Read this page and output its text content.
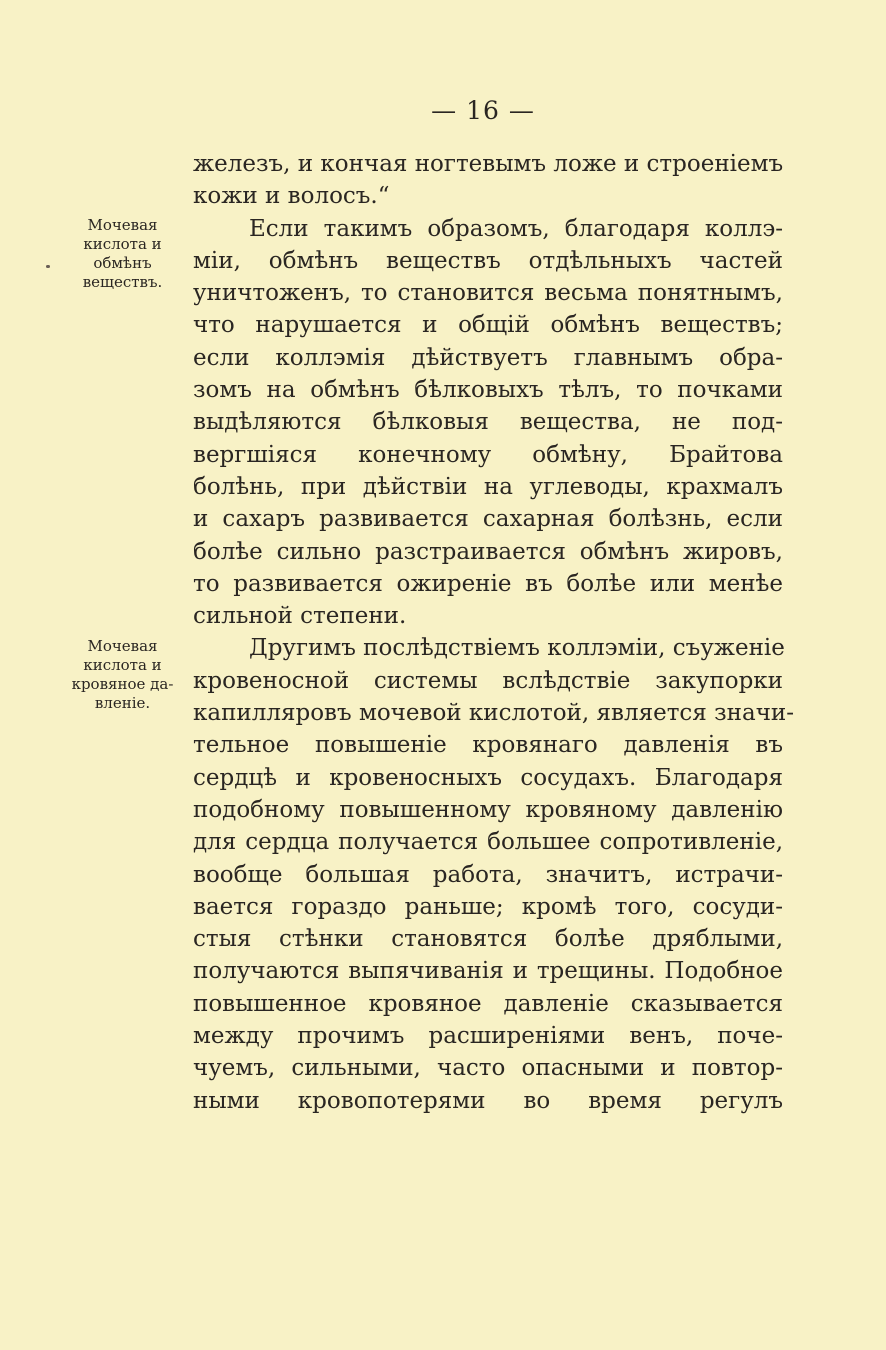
— 16 —
Мочевая
кислота и
обмѣнъ
веществъ.
Мочевая
кислота и
кровяное да-
вленіе.
железъ, и кончая ногтевымъ ложе и строеніемъ
кожи и волосъ.“
Если такимъ образомъ, благодаря коллэ-
міи, обмѣнъ веществъ отдѣльныхъ частей
уничтоженъ, то становится весьма понятнымъ,
что нарушается и общій обмѣнъ веществъ;
если коллэмія дѣйствуетъ главнымъ обра-
зомъ на обмѣнъ бѣлковыхъ тѣлъ, то почками
выдѣляются бѣлковыя вещества, не под-
вергшіяся конечному обмѣну, Брайтова
болѣнь, при дѣйствіи на углеводы, крахмалъ
и сахаръ развивается сахарная болѣзнь, если
болѣе сильно разстраивается обмѣнъ жировъ,
то развивается ожиреніе въ болѣе или менѣе
сильной степени.
Другимъ послѣдствіемъ коллэміи, съуженіе
кровеносной системы вслѣдствіе закупорки
капилляровъ мочевой кислотой, является значи-
тельное повышеніе кровянаго давленія въ
сердцѣ и кровеносныхъ сосудахъ. Благодаря
подобному повышенному кровяному давленію
для сердца получается большее сопротивленіе,
вообще большая работа, значитъ, истрачи-
вается гораздо раньше; кромѣ того, сосуди-
стыя стѣнки становятся болѣе дряблыми,
получаются выпячиванія и трещины. Подобное
повышенное кровяное давленіе сказывается
между прочимъ расширеніями венъ, поче-
чуемъ, сильными, часто опасными и повтор-
ными кровопотерями во время регулъ
